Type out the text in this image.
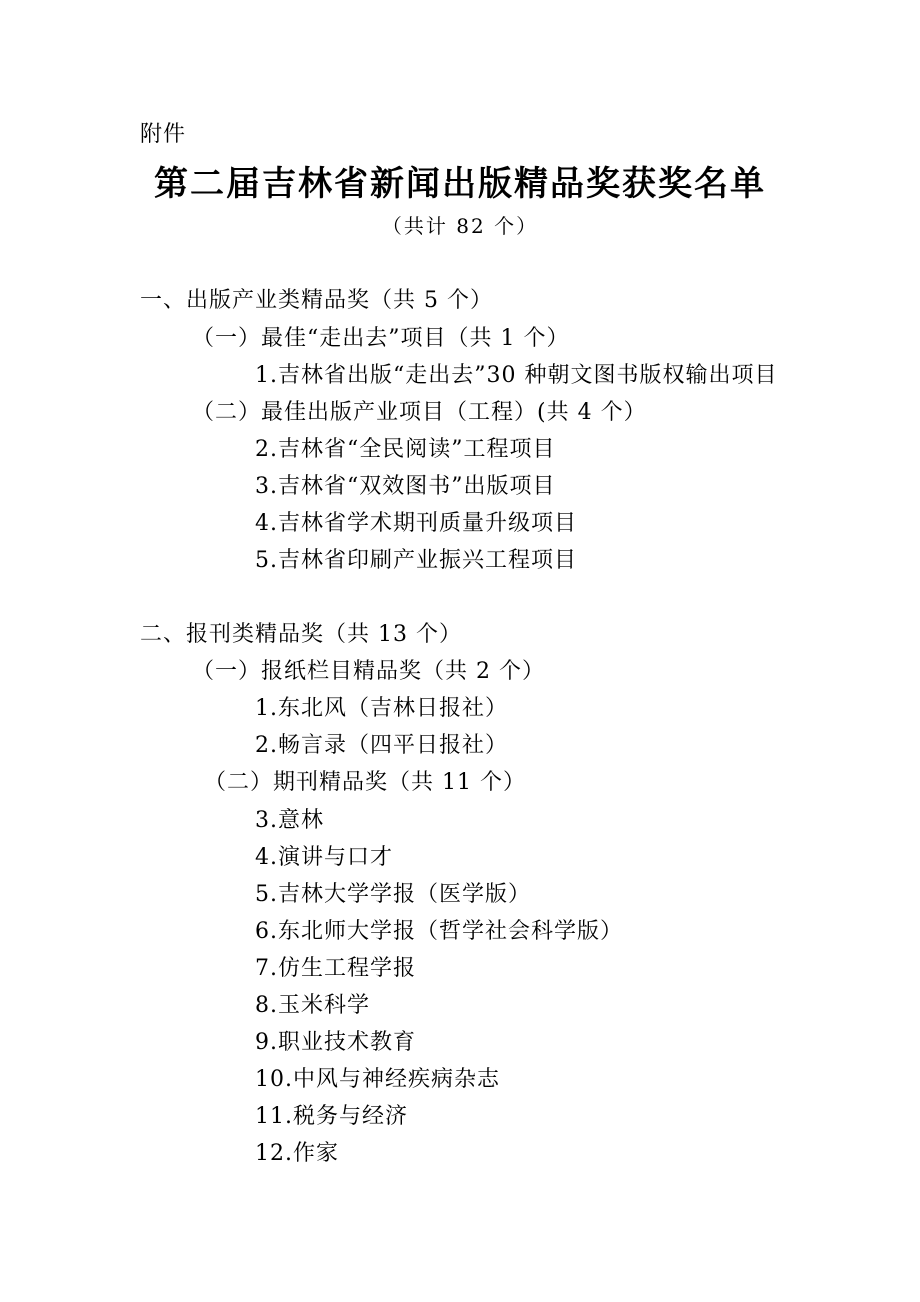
附件
第二届吉林省新闻出版精品奖获奖名单
（共计 82 个）
一、出版产业类精品奖（共 5 个）
（一）最佳“走出去”项目（共 1 个）
1.吉林省出版“走出去”30 种朝文图书版权输出项目
（二）最佳出版产业项目（工程）(共 4 个）
2.吉林省“全民阅读”工程项目
3.吉林省“双效图书”出版项目
4.吉林省学术期刊质量升级项目
5.吉林省印刷产业振兴工程项目
二、报刊类精品奖（共 13 个）
（一）报纸栏目精品奖（共 2 个）
1.东北风（吉林日报社）
2.畅言录（四平日报社）
（二）期刊精品奖（共 11 个）
3.意林
4.演讲与口才
5.吉林大学学报（医学版）
6.东北师大学报（哲学社会科学版）
7.仿生工程学报
8.玉米科学
9.职业技术教育
10.中风与神经疾病杂志
11.税务与经济
12.作家
